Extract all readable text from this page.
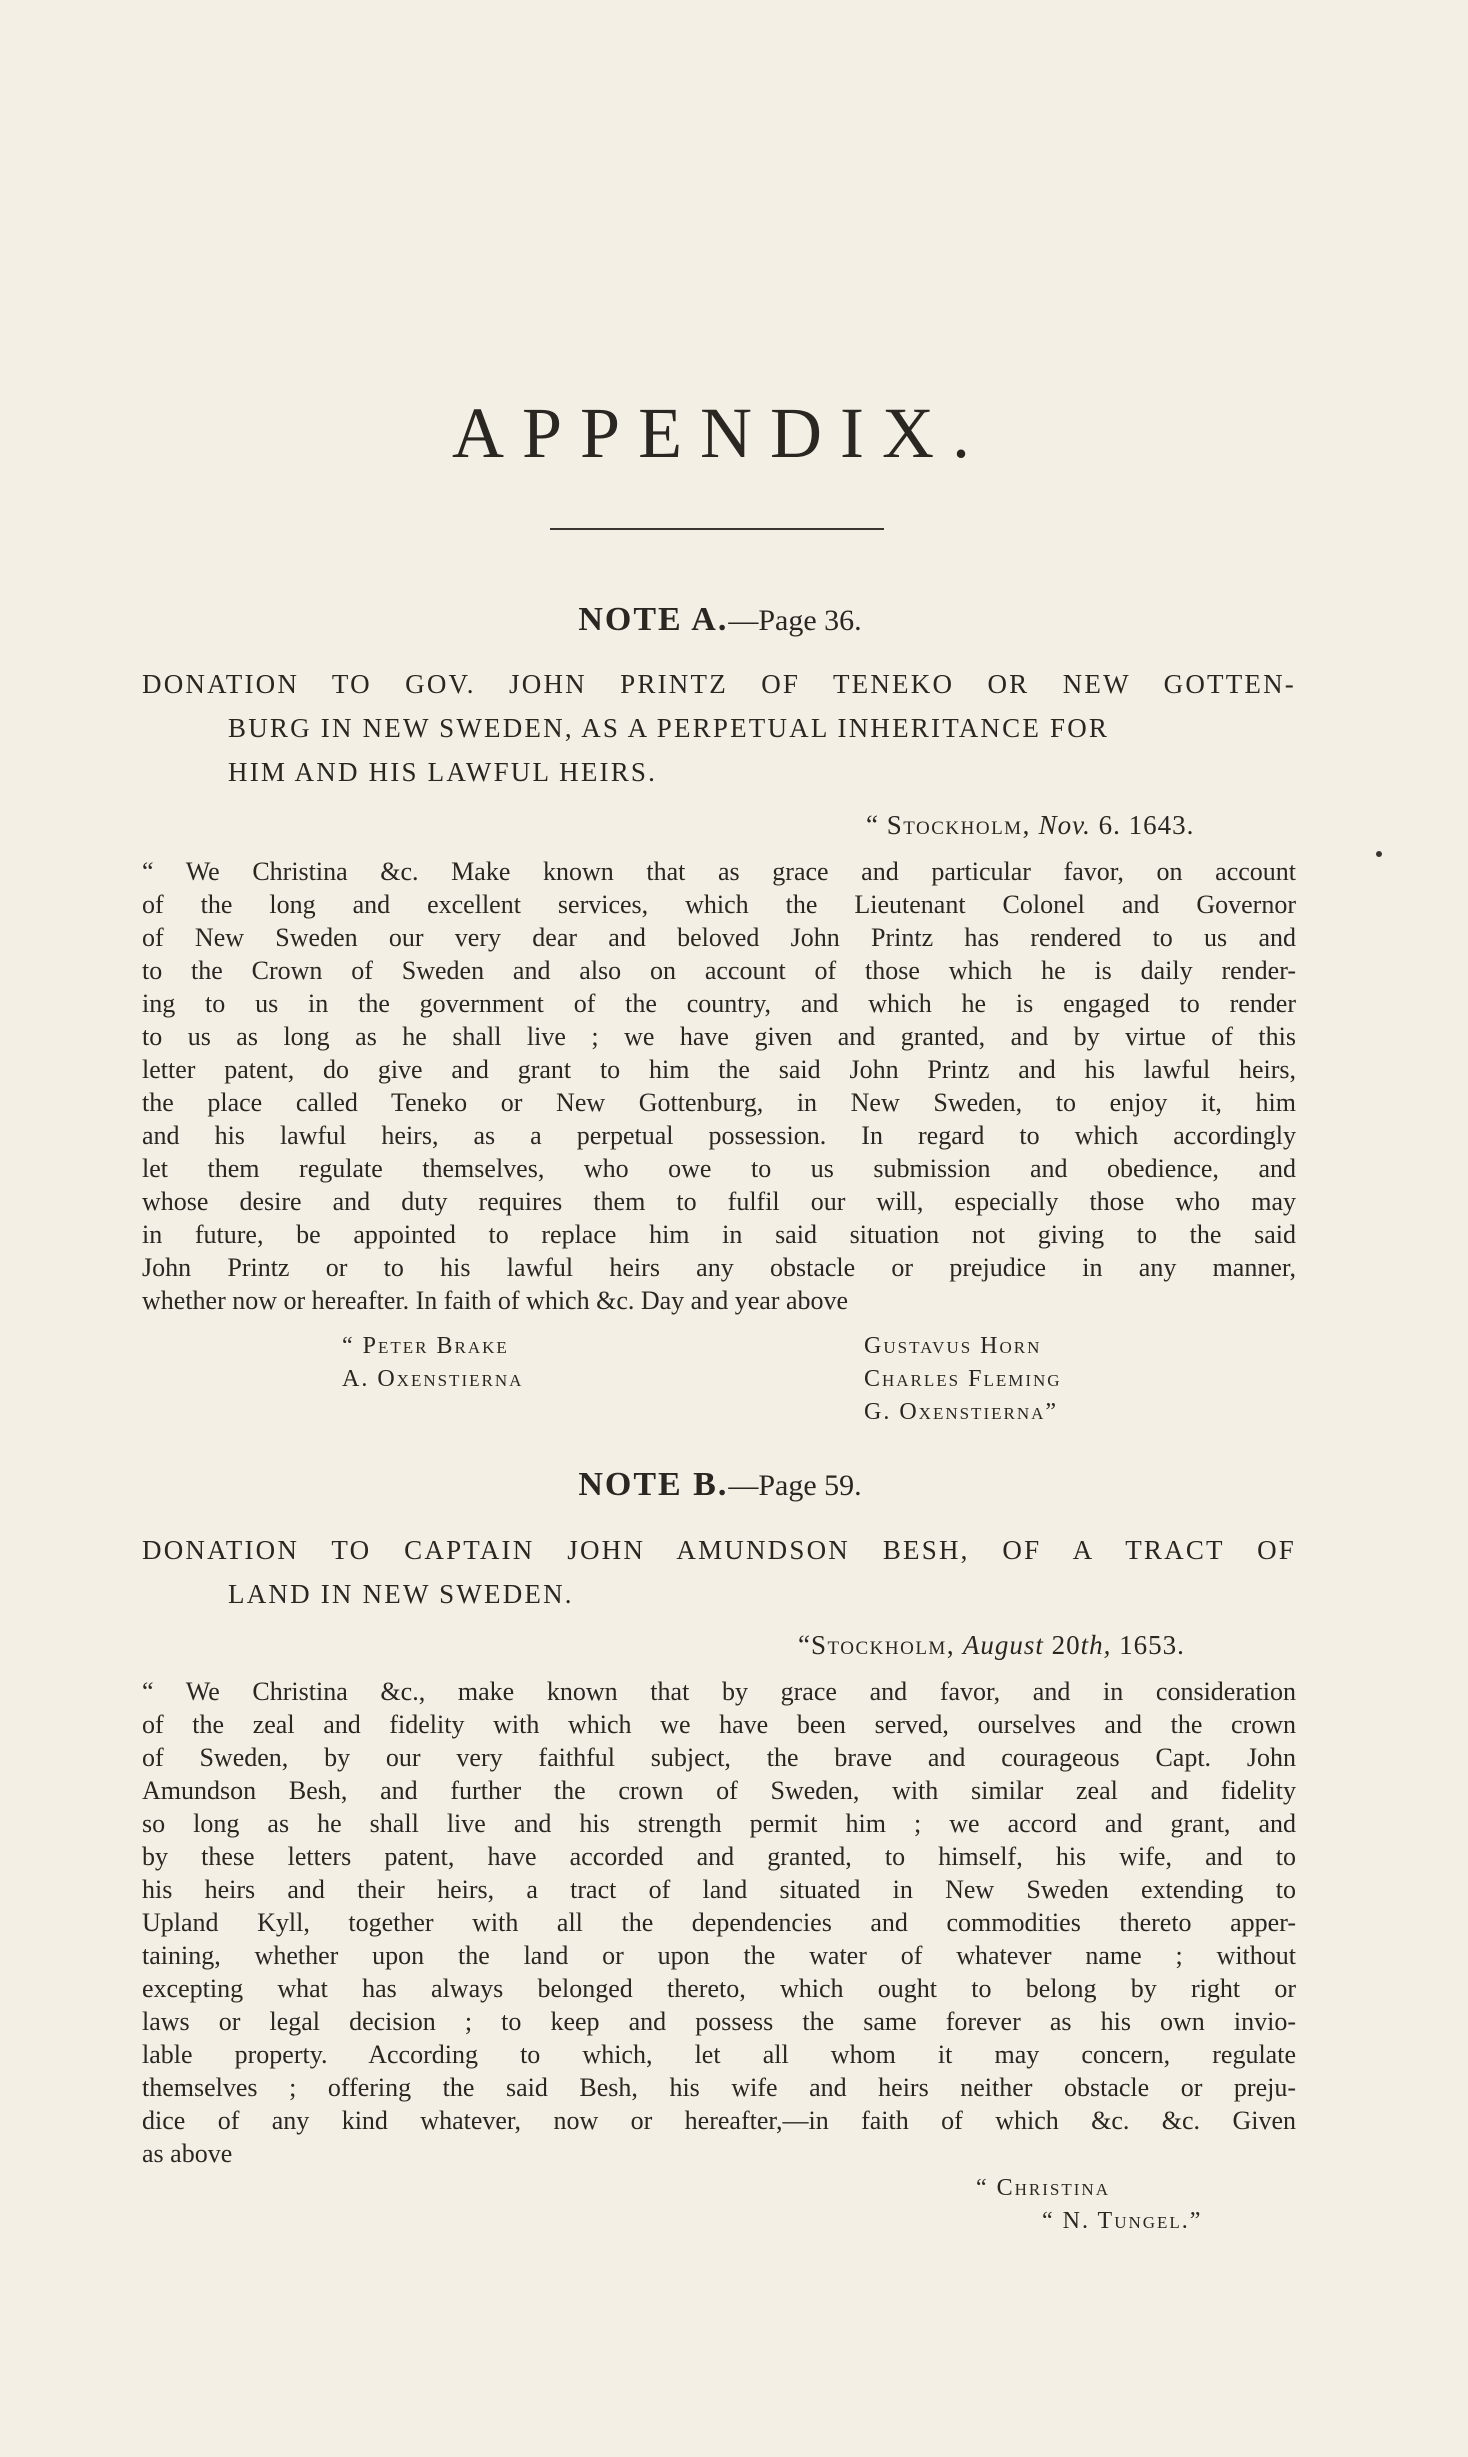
APPENDIX.
NOTE A.—Page 36.
DONATION TO GOV. JOHN PRINTZ OF TENEKO OR NEW GOTTEN-
BURG IN NEW SWEDEN, AS A PERPETUAL INHERITANCE FOR
HIM AND HIS LAWFUL HEIRS.
“ Stockholm, Nov. 6. 1643.
“ We Christina &c. Make known that as grace and particular favor, on account
of the long and excellent services, which the Lieutenant Colonel and Governor
of New Sweden our very dear and beloved John Printz has rendered to us and
to the Crown of Sweden and also on account of those which he is daily render-
ing to us in the government of the country, and which he is engaged to render
to us as long as he shall live ; we have given and granted, and by virtue of this
letter patent, do give and grant to him the said John Printz and his lawful heirs,
the place called Teneko or New Gottenburg, in New Sweden, to enjoy it, him
and his lawful heirs, as a perpetual possession. In regard to which accordingly
let them regulate themselves, who owe to us submission and obedience, and
whose desire and duty requires them to fulfil our will, especially those who may
in future, be appointed to replace him in said situation not giving to the said
John Printz or to his lawful heirs any obstacle or prejudice in any manner,
whether now or hereafter. In faith of which &c. Day and year above
“ Peter Brake
A. Oxenstierna
Gustavus Horn
Charles Fleming
G. Oxenstierna”
NOTE B.—Page 59.
DONATION TO CAPTAIN JOHN AMUNDSON BESH, OF A TRACT OF
LAND IN NEW SWEDEN.
“Stockholm, August 20th, 1653.
“ We Christina &c., make known that by grace and favor, and in consideration
of the zeal and fidelity with which we have been served, ourselves and the crown
of Sweden, by our very faithful subject, the brave and courageous Capt. John
Amundson Besh, and further the crown of Sweden, with similar zeal and fidelity
so long as he shall live and his strength permit him ; we accord and grant, and
by these letters patent, have accorded and granted, to himself, his wife, and to
his heirs and their heirs, a tract of land situated in New Sweden extending to
Upland Kyll, together with all the dependencies and commodities thereto apper-
taining, whether upon the land or upon the water of whatever name ; without
excepting what has always belonged thereto, which ought to belong by right or
laws or legal decision ; to keep and possess the same forever as his own invio-
lable property. According to which, let all whom it may concern, regulate
themselves ; offering the said Besh, his wife and heirs neither obstacle or preju-
dice of any kind whatever, now or hereafter,—in faith of which &c. &c. Given
as above
“ Christina
“ N. Tungel.”
